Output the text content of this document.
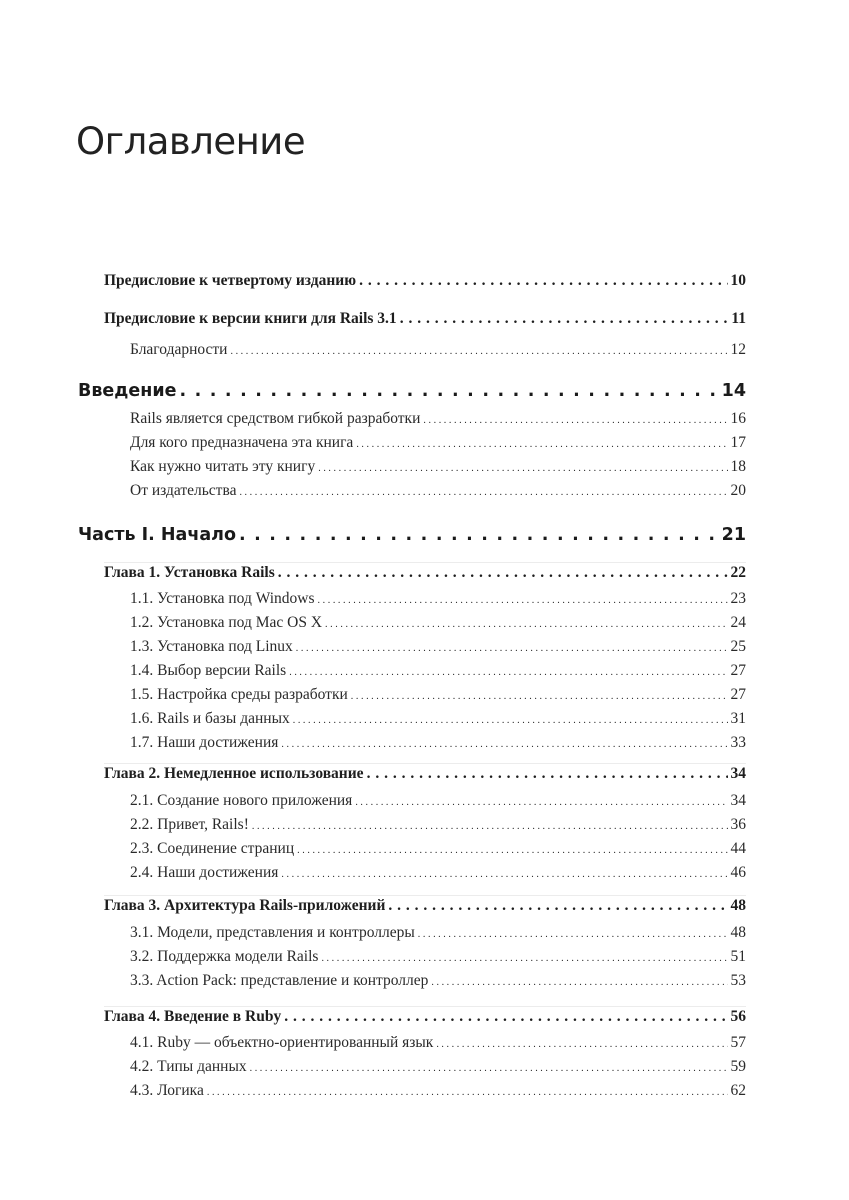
Оглавление
Предисловие к четвертому изданию . . .	10
Предисловие к версии книги для Rails 3.1 . . .	11
Благодарности .....	12
Введение . . .	14
Rails является средством гибкой разработки .....	16
Для кого предназначена эта книга .....	17
Как нужно читать эту книгу .....	18
От издательства .....	20
Часть I. Начало . . .	21
Глава 1. Установка Rails . . .	22
1.1. Установка под Windows .....	23
1.2. Установка под Mac OS X .....	24
1.3. Установка под Linux .....	25
1.4. Выбор версии Rails .....	27
1.5. Настройка среды разработки .....	27
1.6. Rails и базы данных .....	31
1.7. Наши достижения .....	33
Глава 2. Немедленное использование . . .	34
2.1. Создание нового приложения .....	34
2.2. Привет, Rails! .....	36
2.3. Соединение страниц .....	44
2.4. Наши достижения .....	46
Глава 3. Архитектура Rails-приложений . . .	48
3.1. Модели, представления и контроллеры .....	48
3.2. Поддержка модели Rails .....	51
3.3. Action Pack: представление и контроллер .....	53
Глава 4. Введение в Ruby . . .	56
4.1. Ruby — объектно-ориентированный язык .....	57
4.2. Типы данных .....	59
4.3. Логика .....	62
